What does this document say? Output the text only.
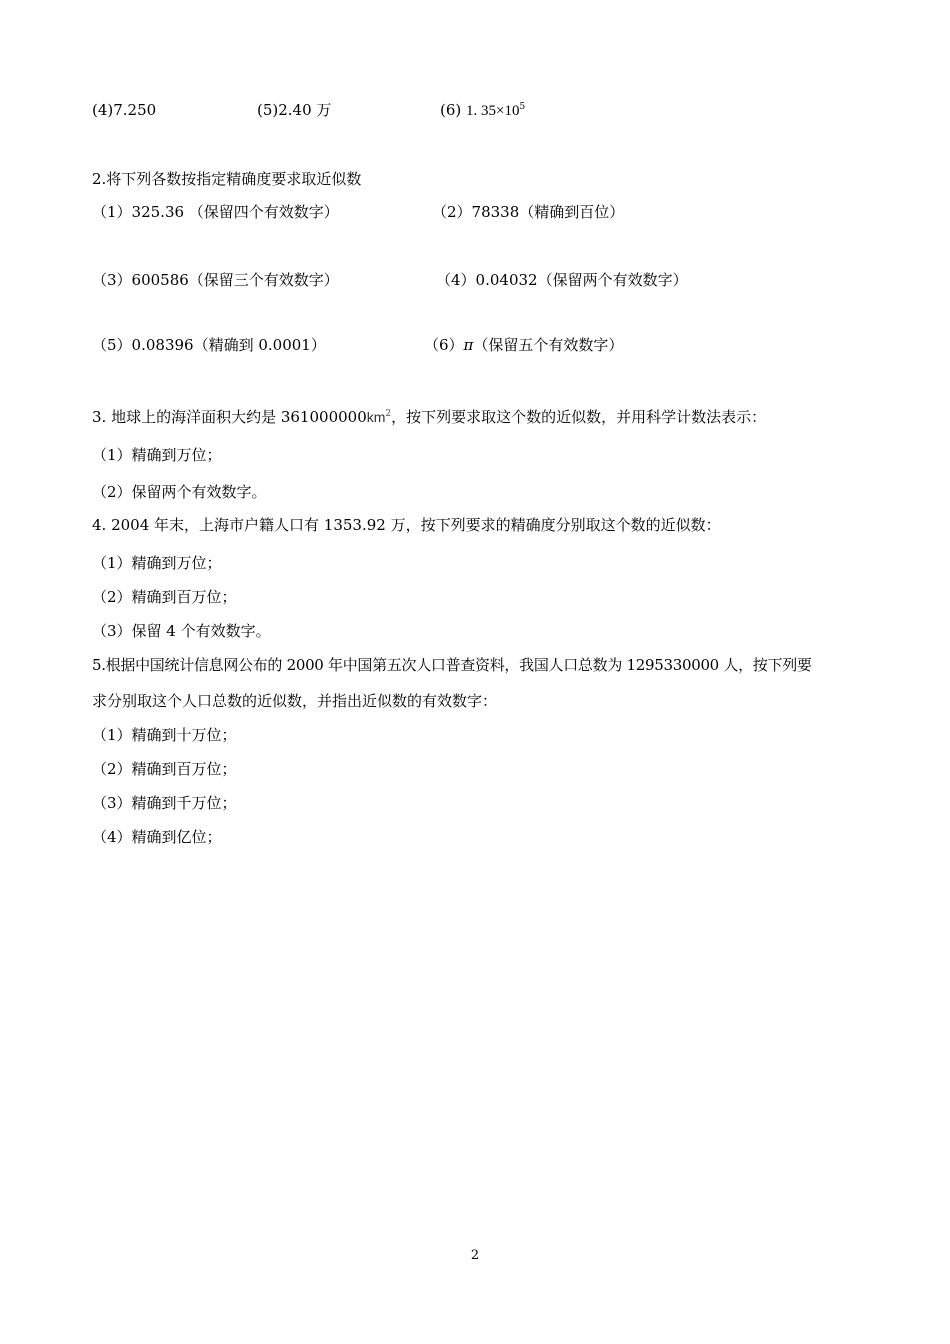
(4)7.250	(5)2.40 万	(6) 1. $35\times 10^5$
2.将下列各数按指定精确度要求取近似数
（1）325.36 （保留四个有效数字）	（2）78338（精确到百位）
（3）600586（保留三个有效数字）	（4）0.04032（保留两个有效数字）
（5）0.08396（精确到 0.0001）	（6）π（保留五个有效数字）
3. 地球上的海洋面积大约是 $361000000km^2$，按下列要求取这个数的近似数，并用科学计数法表示：
（1）精确到万位；
（2）保留两个有效数字。
4. 2004 年末，上海市户籍人口有 1353.92 万，按下列要求的精确度分别取这个数的近似数：
（1）精确到万位；
（2）精确到百万位；
（3）保留 4 个有效数字。
5.根据中国统计信息网公布的 2000 年中国第五次人口普查资料，我国人口总数为 1295330000 人，按下列要
求分别取这个人口总数的近似数，并指出近似数的有效数字：
（1）精确到十万位；
（2）精确到百万位；
（3）精确到千万位；
（4）精确到亿位；
2
